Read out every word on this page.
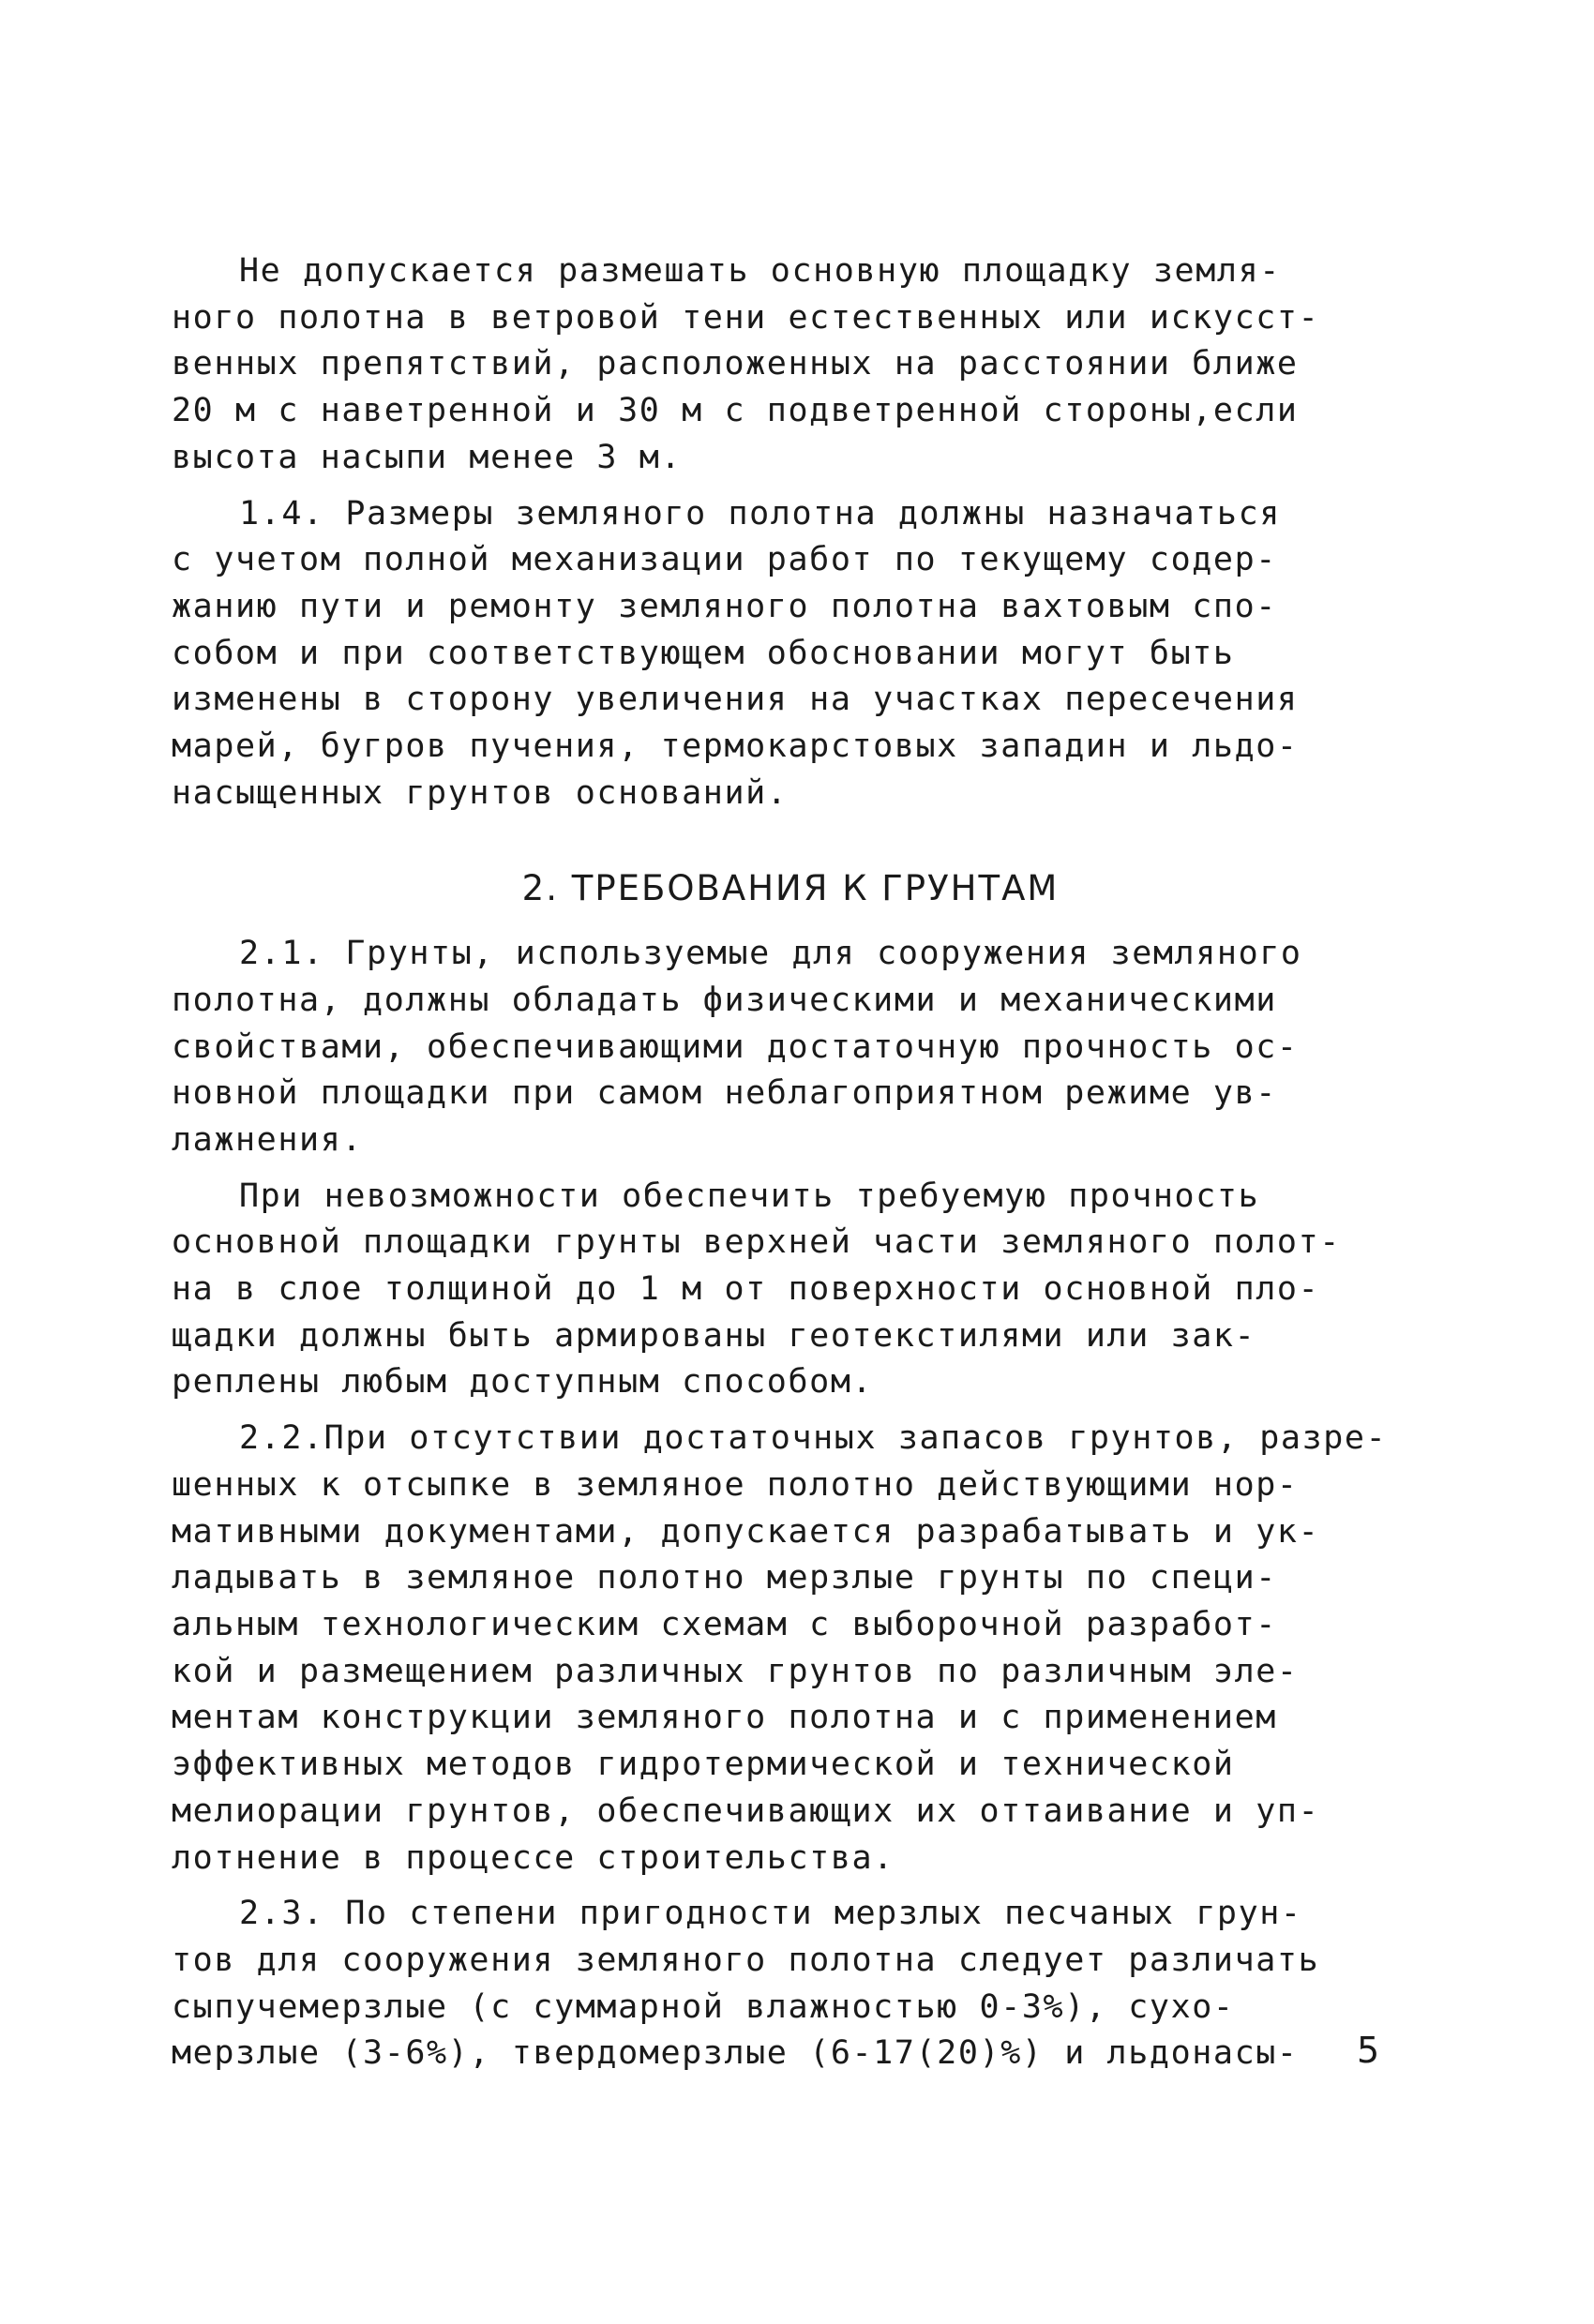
Не допускается размешать основную площадку земля-
ного полотна в ветровой тени естественных или искусст-
венных препятствий, расположенных на расстоянии ближе
20 м с наветренной и 30 м с подветренной стороны,если
высота насыпи менее 3 м.

1.4. Размеры земляного полотна должны назначаться
с учетом полной механизации работ по текущему содер-
жанию пути и ремонту земляного полотна вахтовым спо-
собом и при соответствующем обосновании могут быть
изменены в сторону увеличения на участках пересечения
марей, бугров пучения, термокарстовых западин и льдо-
насыщенных грунтов оснований.

2. ТРЕБОВАНИЯ К ГРУНТАМ

2.1. Грунты, используемые для сооружения земляного
полотна, должны обладать физическими и механическими
свойствами, обеспечивающими достаточную прочность ос-
новной площадки при самом неблагоприятном режиме ув-
лажнения.

При невозможности обеспечить требуемую прочность
основной площадки грунты верхней части земляного полот-
на в слое толщиной до 1 м от поверхности основной пло-
щадки должны быть армированы геотекстилями или зак-
реплены любым доступным способом.

2.2.При отсутствии достаточных запасов грунтов, разре-
шенных к отсыпке в земляное полотно действующими нор-
мативными документами, допускается разрабатывать и ук-
ладывать в земляное полотно мерзлые грунты по специ-
альным технологическим схемам с выборочной разработ-
кой и размещением различных грунтов по различным эле-
ментам конструкции земляного полотна и с применением
эффективных методов гидротермической и технической
мелиорации грунтов, обеспечивающих их оттаивание и уп-
лотнение в процессе строительства.

2.3. По степени пригодности мерзлых песчаных грун-
тов для сооружения земляного полотна следует различать
сыпучемерзлые (с суммарной влажностью 0-3%), сухо-
мерзлые (3-6%), твердомерзлые (6-17(20)%) и льдонасы-	5
